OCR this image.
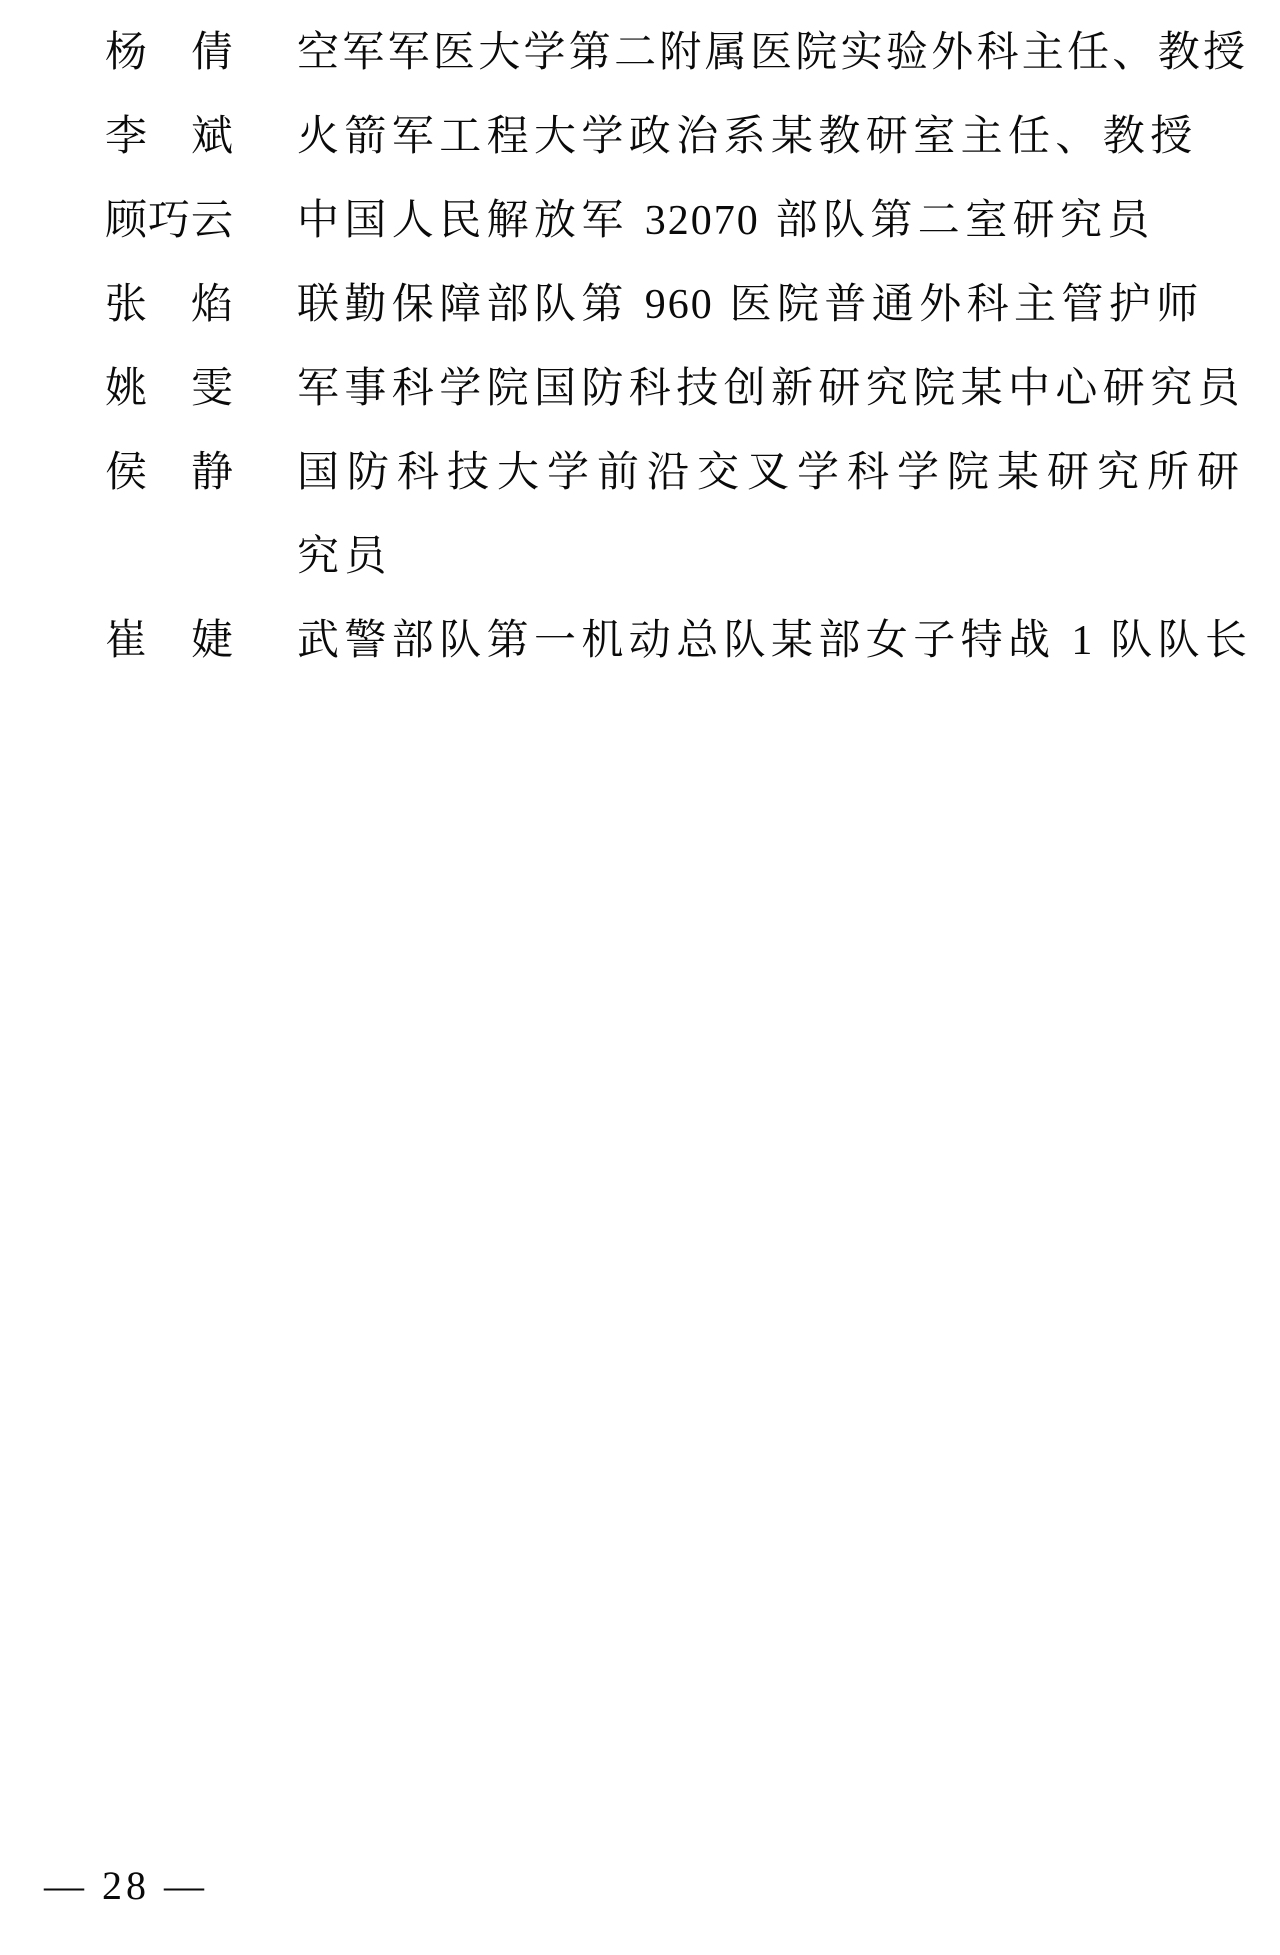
杨倩 空军军医大学第二附属医院实验外科主任、教授
李斌 火箭军工程大学政治系某教研室主任、教授
顾巧云 中国人民解放军 32070 部队第二室研究员
张焰 联勤保障部队第 960 医院普通外科主管护师
姚雯 军事科学院国防科技创新研究院某中心研究员
侯静 国防科技大学前沿交叉学科学院某研究所研
究员
崔婕 武警部队第一机动总队某部女子特战 1 队队长
— 28 —
